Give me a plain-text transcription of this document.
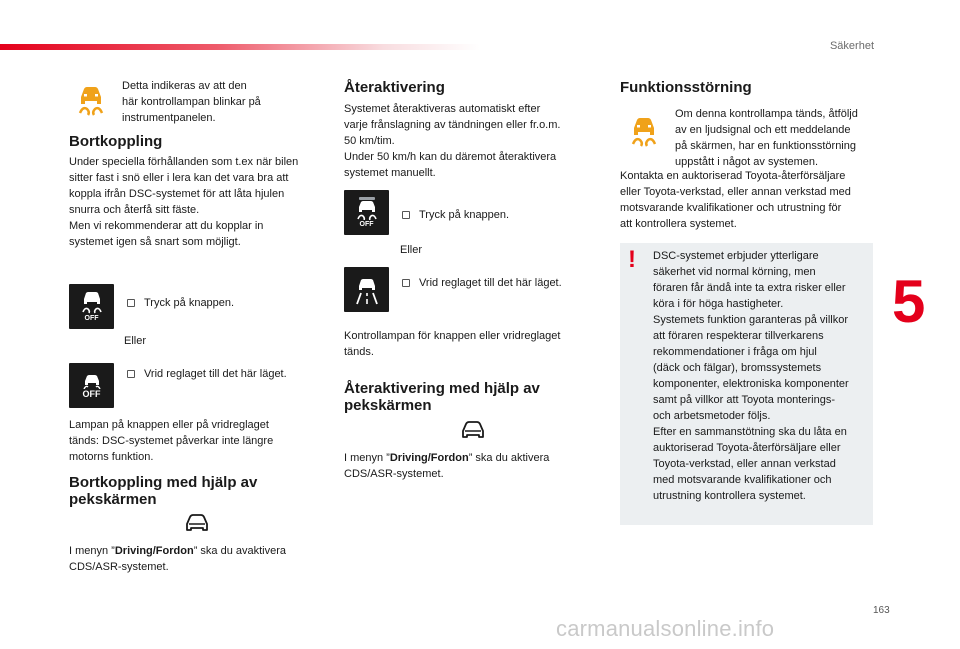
Säkerhet
5
163
carmanualsonline.info
Detta indikeras av att den
här kontrollampan blinkar på
instrumentpanelen.
Bortkoppling
Under speciella förhållanden som t.ex när bilen
sitter fast i snö eller i lera kan det vara bra att
koppla ifrån DSC-systemet för att låta hjulen
snurra och återfå sitt fäste.
Men vi rekommenderar att du kopplar in
systemet igen så snart som möjligt.
OFF
Tryck på knappen.
Eller
OFF
Vrid reglaget till det här läget.
Lampan på knappen eller på vridreglaget
tänds: DSC-systemet påverkar inte längre
motorns funktion.
Bortkoppling med hjälp av
pekskärmen
I menyn ”Driving/Fordon” ska du avaktivera
CDS/ASR-systemet.
Återaktivering
Systemet återaktiveras automatiskt efter
varje frånslagning av tändningen eller fr.o.m.
50 km/tim.
Under 50 km/h kan du däremot återaktivera
systemet manuellt.
OFF
Tryck på knappen.
Eller
Vrid reglaget till det här läget.
Kontrollampan för knappen eller vridreglaget
tänds.
Återaktivering med hjälp av
pekskärmen
I menyn ”Driving/Fordon” ska du aktivera
CDS/ASR-systemet.
Funktionsstörning
Om denna kontrollampa tänds, åtföljd
av en ljudsignal och ett meddelande
på skärmen, har en funktionsstörning
uppstått i något av systemen.
Kontakta en auktoriserad Toyota-återförsäljare
eller Toyota-verkstad, eller annan verkstad med
motsvarande kvalifikationer och utrustning för
att kontrollera systemet.
! DSC-systemet erbjuder ytterligare
säkerhet vid normal körning, men
föraren får ändå inte ta extra risker eller
köra i för höga hastigheter.
Systemets funktion garanteras på villkor
att föraren respekterar tillverkarens
rekommendationer i fråga om hjul
(däck och fälgar), bromssystemets
komponenter, elektroniska komponenter
samt på villkor att Toyota monterings-
och arbetsmetoder följs.
Efter en sammanstötning ska du låta en
auktoriserad Toyota-återförsäljare eller
Toyota-verkstad, eller annan verkstad
med motsvarande kvalifikationer och
utrustning kontrollera systemet.
